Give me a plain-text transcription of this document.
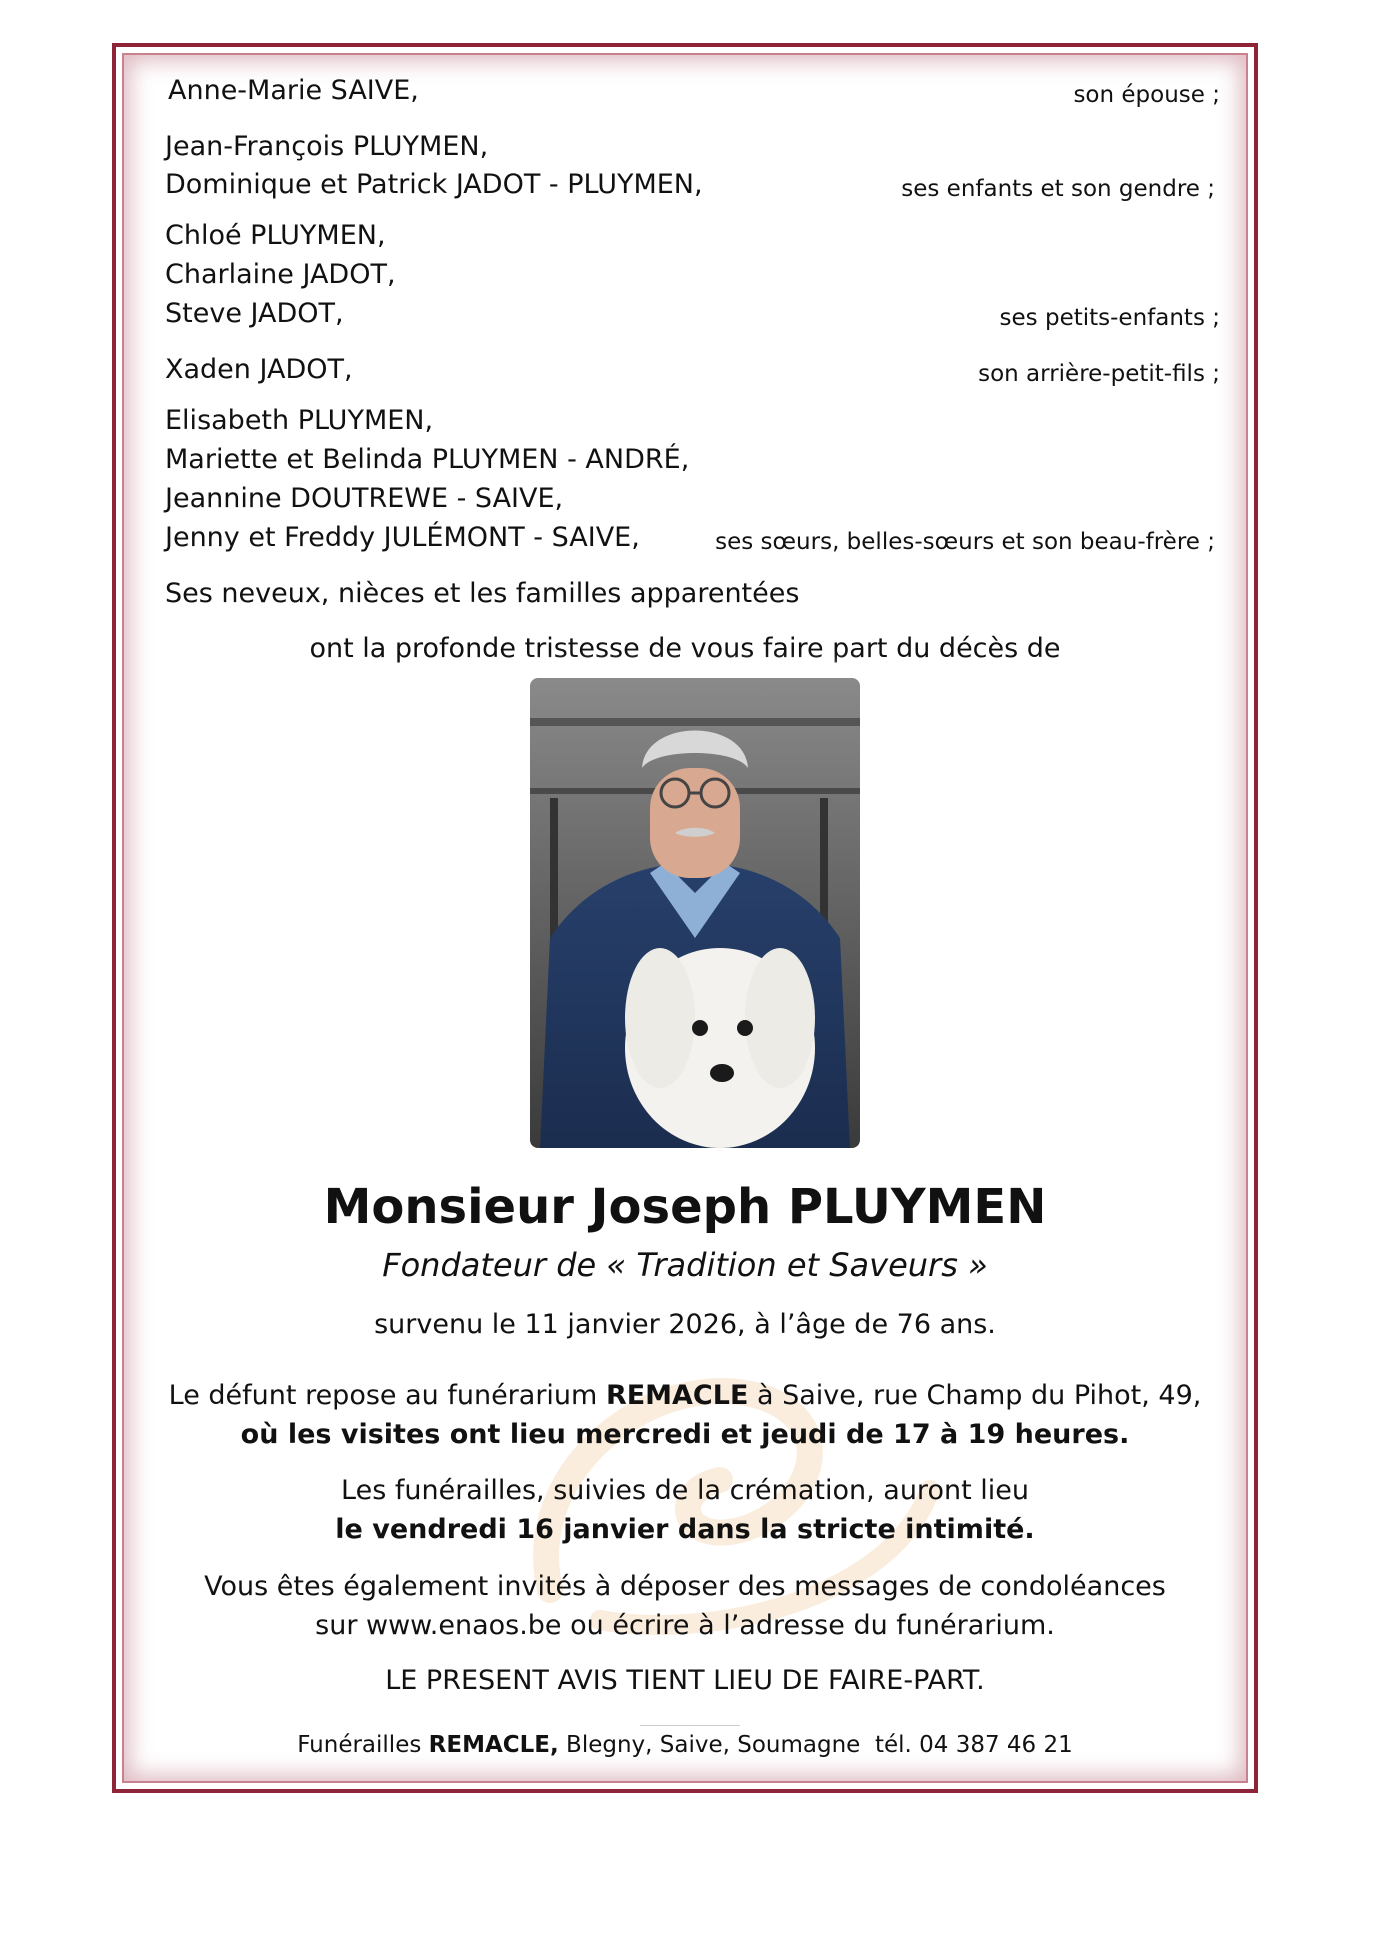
Anne-Marie SAIVE,	son épouse ;
Jean-François PLUYMEN,
Dominique et Patrick JADOT - PLUYMEN,	ses enfants et son gendre ;
Chloé PLUYMEN,
Charlaine JADOT,
Steve JADOT,	ses petits-enfants ;
Xaden JADOT,	son arrière-petit-fils ;
Elisabeth PLUYMEN,
Mariette et Belinda PLUYMEN - ANDRÉ,
Jeannine DOUTREWE - SAIVE,
Jenny et Freddy JULÉMONT - SAIVE,	ses sœurs, belles-sœurs et son beau-frère ;
Ses neveux, nièces et les familles apparentées
ont la profonde tristesse de vous faire part du décès de
Monsieur Joseph PLUYMEN
Fondateur de « Tradition et Saveurs »
survenu le 11 janvier 2026, à l’âge de 76 ans.
Le défunt repose au funérarium REMACLE à Saive, rue Champ du Pihot, 49,
où les visites ont lieu mercredi et jeudi de 17 à 19 heures.
Les funérailles, suivies de la crémation, auront lieu
le vendredi 16 janvier dans la stricte intimité.
Vous êtes également invités à déposer des messages de condoléances
sur www.enaos.be ou écrire à l’adresse du funérarium.
LE PRESENT AVIS TIENT LIEU DE FAIRE-PART.
Funérailles REMACLE, Blegny, Saive, Soumagne  tél. 04 387 46 21
